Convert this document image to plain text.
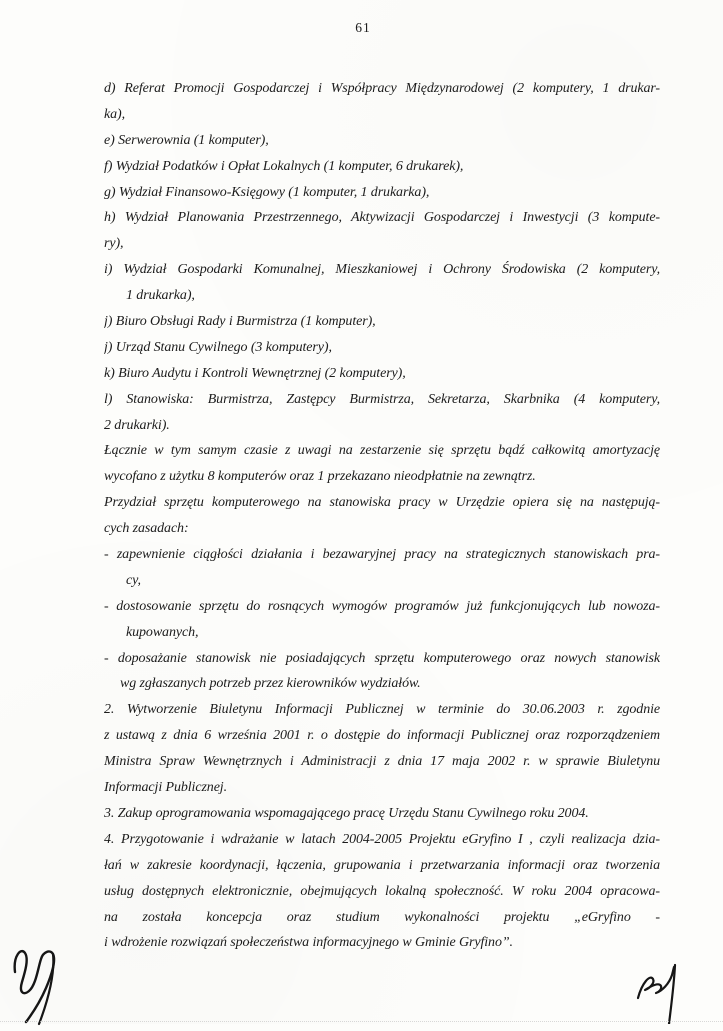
61
d) Referat Promocji Gospodarczej i Współpracy Międzynarodowej (2 komputery, 1 drukar-
ka),
e) Serwerownia (1 komputer),
f) Wydział Podatków i Opłat Lokalnych (1 komputer, 6 drukarek),
g) Wydział Finansowo-Księgowy (1 komputer, 1 drukarka),
h) Wydział Planowania Przestrzennego, Aktywizacji Gospodarczej i Inwestycji (3 kompute-
ry),
i) Wydział Gospodarki Komunalnej, Mieszkaniowej i Ochrony Środowiska (2 komputery,
1 drukarka),
j) Biuro Obsługi Rady i Burmistrza (1 komputer),
j) Urząd Stanu Cywilnego (3 komputery),
k) Biuro Audytu i Kontroli Wewnętrznej (2 komputery),
l) Stanowiska: Burmistrza, Zastępcy Burmistrza, Sekretarza, Skarbnika (4 komputery,
2 drukarki).
Łącznie w tym samym czasie z uwagi na zestarzenie się sprzętu bądź całkowitą amortyzację
wycofano z użytku 8 komputerów oraz 1 przekazano nieodpłatnie na zewnątrz.
Przydział sprzętu komputerowego na stanowiska pracy w Urzędzie opiera się na następują-
cych zasadach:
- zapewnienie ciągłości działania i bezawaryjnej pracy na strategicznych stanowiskach pra-
cy,
- dostosowanie sprzętu do rosnących wymogów programów już funkcjonujących lub nowoza-
kupowanych,
- doposażanie stanowisk nie posiadających sprzętu komputerowego oraz nowych stanowisk
wg zgłaszanych potrzeb przez kierowników wydziałów.
2. Wytworzenie Biuletynu Informacji Publicznej w terminie do 30.06.2003 r. zgodnie
z ustawą z dnia 6 września 2001 r. o dostępie do informacji Publicznej oraz rozporządzeniem
Ministra Spraw Wewnętrznych i Administracji z dnia 17 maja 2002 r. w sprawie Biuletynu
Informacji Publicznej.
3. Zakup oprogramowania wspomagającego pracę Urzędu Stanu Cywilnego roku 2004.
4. Przygotowanie i wdrażanie w latach 2004-2005 Projektu eGryfino I , czyli realizacja dzia-
łań w zakresie koordynacji, łączenia, grupowania i przetwarzania informacji oraz tworzenia
usług dostępnych elektronicznie, obejmujących lokalną społeczność. W roku 2004 opracowa-
na została koncepcja oraz studium wykonalności projektu „eGryfino -
i wdrożenie rozwiązań społeczeństwa informacyjnego w Gminie Gryfino”.
